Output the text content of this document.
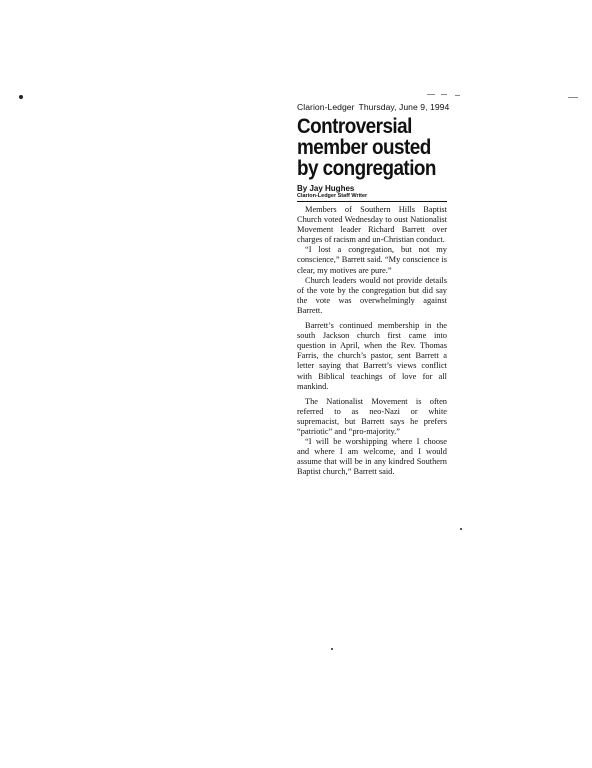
Clarion-Ledger Thursday, June 9, 1994
Controversial
member ousted
by congregation
By Jay Hughes
Clarion-Ledger Staff Writer

Members of Southern Hills Baptist Church voted Wednesday to oust Nationalist Movement leader Richard Barrett over charges of racism and un-Christian conduct.

“I lost a congregation, but not my conscience,” Barrett said. “My conscience is clear, my motives are pure.”

Church leaders would not provide details of the vote by the congregation but did say the vote was overwhelmingly against Barrett.

Barrett’s continued membership in the south Jackson church first came into question in April, when the Rev. Thomas Farris, the church’s pastor, sent Barrett a letter saying that Barrett’s views conflict with Biblical teachings of love for all mankind.

The Nationalist Movement is often referred to as neo-Nazi or white supremacist, but Barrett says he prefers “patriotic” and “pro-majority.”

“I will be worshipping where I choose and where I am welcome, and I would assume that will be in any kindred Southern Baptist church,” Barrett said.
